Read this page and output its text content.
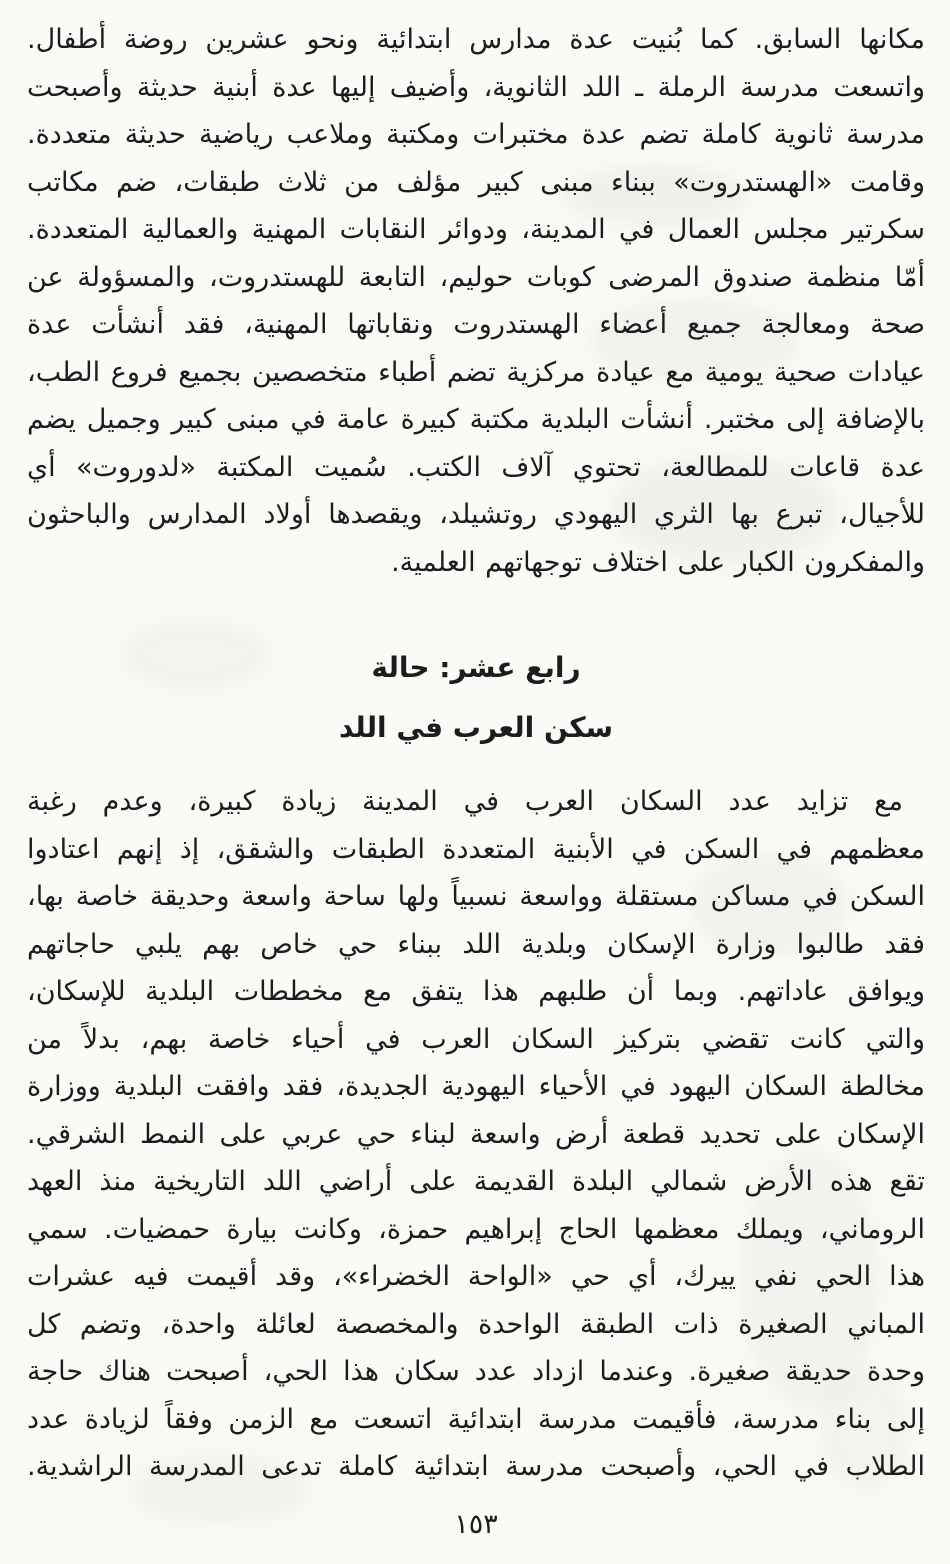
مكانها السابق. كما بُنيت عدة مدارس ابتدائية ونحو عشرين روضة أطفال.
واتسعت مدرسة الرملة ـ اللد الثانوية، وأضيف إليها عدة أبنية حديثة وأصبحت
مدرسة ثانوية كاملة تضم عدة مختبرات ومكتبة وملاعب رياضية حديثة متعددة.
وقامت «الهستدروت» ببناء مبنى كبير مؤلف من ثلاث طبقات، ضم مكاتب
سكرتير مجلس العمال في المدينة، ودوائر النقابات المهنية والعمالية المتعددة.
أمّا منظمة صندوق المرضى كوبات حوليم، التابعة للهستدروت، والمسؤولة عن
صحة ومعالجة جميع أعضاء الهستدروت ونقاباتها المهنية، فقد أنشأت عدة
عيادات صحية يومية مع عيادة مركزية تضم أطباء متخصصين بجميع فروع الطب،
بالإضافة إلى مختبر. أنشأت البلدية مكتبة كبيرة عامة في مبنى كبير وجميل يضم
عدة قاعات للمطالعة، تحتوي آلاف الكتب. سُميت المكتبة «لدوروت» أي
للأجيال، تبرع بها الثري اليهودي روتشيلد، ويقصدها أولاد المدارس والباحثون
والمفكرون الكبار على اختلاف توجهاتهم العلمية.
رابع عشر: حالة
سكن العرب في اللد
مع تزايد عدد السكان العرب في المدينة زيادة كبيرة، وعدم رغبة
معظمهم في السكن في الأبنية المتعددة الطبقات والشقق، إذ إنهم اعتادوا
السكن في مساكن مستقلة وواسعة نسبياً ولها ساحة واسعة وحديقة خاصة بها،
فقد طالبوا وزارة الإسكان وبلدية اللد ببناء حي خاص بهم يلبي حاجاتهم
ويوافق عاداتهم. وبما أن طلبهم هذا يتفق مع مخططات البلدية للإسكان،
والتي كانت تقضي بتركيز السكان العرب في أحياء خاصة بهم، بدلاً من
مخالطة السكان اليهود في الأحياء اليهودية الجديدة، فقد وافقت البلدية ووزارة
الإسكان على تحديد قطعة أرض واسعة لبناء حي عربي على النمط الشرقي.
تقع هذه الأرض شمالي البلدة القديمة على أراضي اللد التاريخية منذ العهد
الروماني، ويملك معظمها الحاج إبراهيم حمزة، وكانت بيارة حمضيات. سمي
هذا الحي نفي ييرك، أي حي «الواحة الخضراء»، وقد أقيمت فيه عشرات
المباني الصغيرة ذات الطبقة الواحدة والمخصصة لعائلة واحدة، وتضم كل
وحدة حديقة صغيرة. وعندما ازداد عدد سكان هذا الحي، أصبحت هناك حاجة
إلى بناء مدرسة، فأقيمت مدرسة ابتدائية اتسعت مع الزمن وفقاً لزيادة عدد
الطلاب في الحي، وأصبحت مدرسة ابتدائية كاملة تدعى المدرسة الراشدية.
١٥٣
